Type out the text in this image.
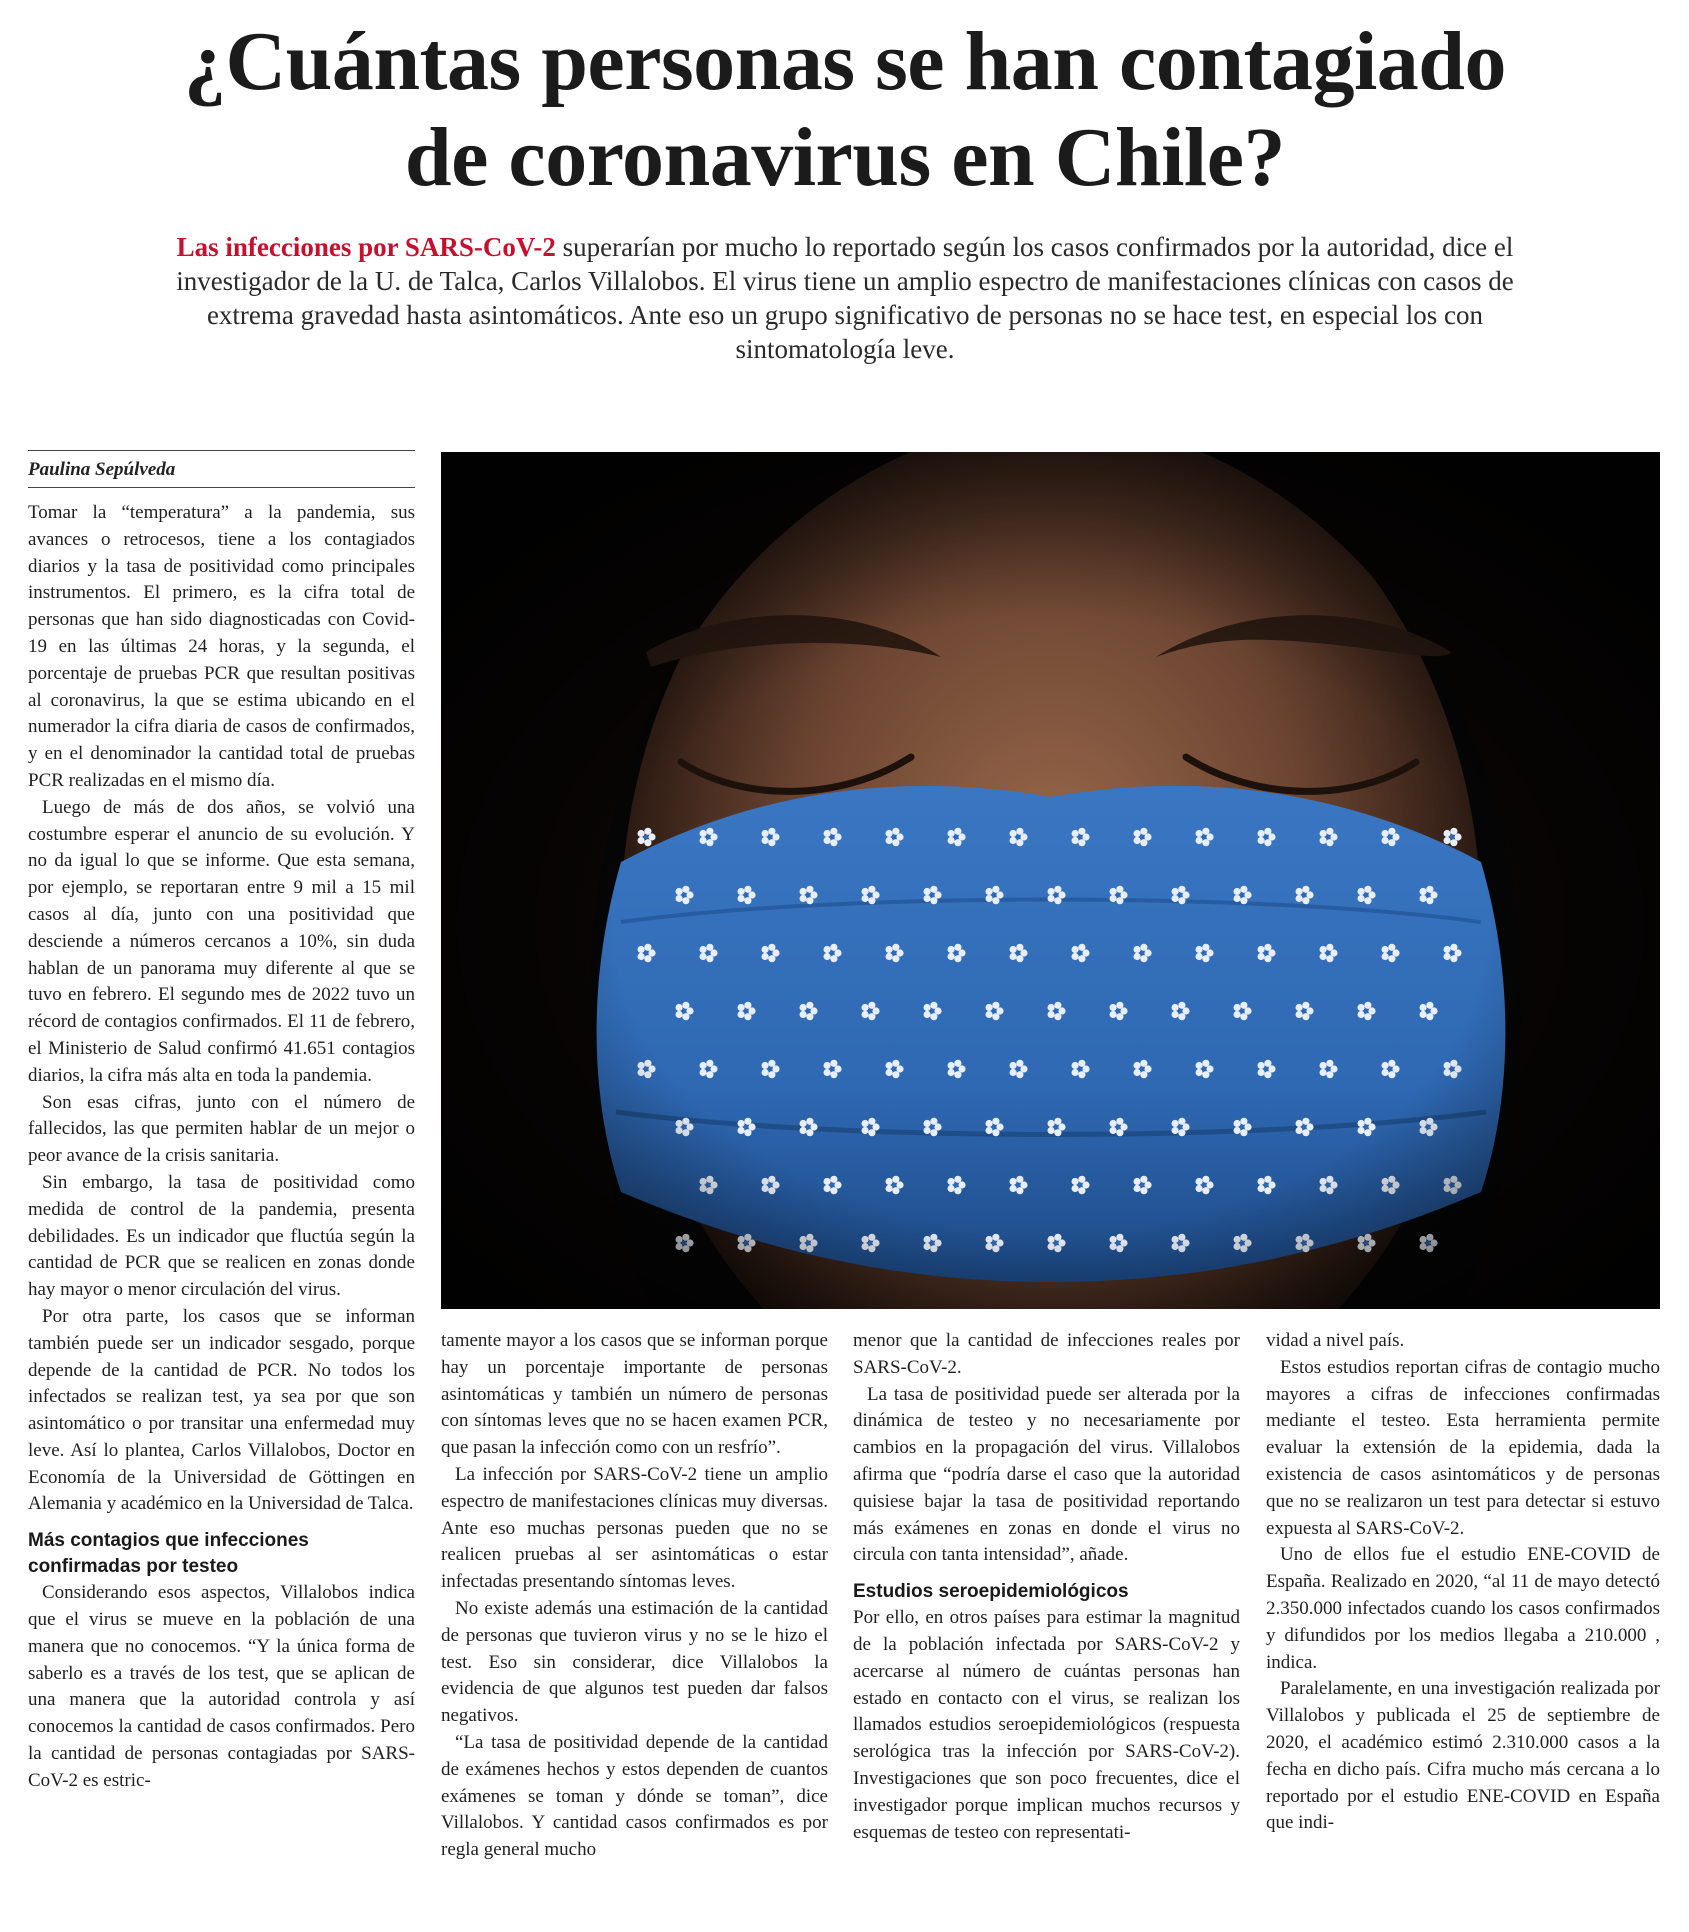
¿Cuántas personas se han contagiado
de coronavirus en Chile?

Las infecciones por SARS-CoV-2 superarían por mucho lo reportado según los casos confirmados por la autoridad, dice el investigador de la U. de Talca, Carlos Villalobos. El virus tiene un amplio espectro de manifestaciones clínicas con casos de extrema gravedad hasta asintomáticos. Ante eso un grupo significativo de personas no se hace test, en especial los con sintomatología leve.

Paulina Sepúlveda

Tomar la “temperatura” a la pandemia, sus avances o retrocesos, tiene a los contagiados diarios y la tasa de positividad como principales instrumentos. El primero, es la cifra total de personas que han sido diagnosticadas con Covid-19 en las últimas 24 horas, y la segunda, el porcentaje de pruebas PCR que resultan positivas al coronavirus, la que se estima ubicando en el numerador la cifra diaria de casos de confirmados, y en el denominador la cantidad total de pruebas PCR realizadas en el mismo día.

Luego de más de dos años, se volvió una costumbre esperar el anuncio de su evolución. Y no da igual lo que se informe. Que esta semana, por ejemplo, se reportaran entre 9 mil a 15 mil casos al día, junto con una positividad que desciende a números cercanos a 10%, sin duda hablan de un panorama muy diferente al que se tuvo en febrero. El segundo mes de 2022 tuvo un récord de contagios confirmados. El 11 de febrero, el Ministerio de Salud confirmó 41.651 contagios diarios, la cifra más alta en toda la pandemia.

Son esas cifras, junto con el número de fallecidos, las que permiten hablar de un mejor o peor avance de la crisis sanitaria.

Sin embargo, la tasa de positividad como medida de control de la pandemia, presenta debilidades. Es un indicador que fluctúa según la cantidad de PCR que se realicen en zonas donde hay mayor o menor circulación del virus.

Por otra parte, los casos que se informan también puede ser un indicador sesgado, porque depende de la cantidad de PCR. No todos los infectados se realizan test, ya sea por que son asintomático o por transitar una enfermedad muy leve. Así lo plantea, Carlos Villalobos, Doctor en Economía de la Universidad de Göttingen en Alemania y académico en la Universidad de Talca.

Más contagios que infecciones confirmadas por testeo

Considerando esos aspectos, Villalobos indica que el virus se mueve en la población de una manera que no conocemos. “Y la única forma de saberlo es a través de los test, que se aplican de una manera que la autoridad controla y así conocemos la cantidad de casos confirmados. Pero la cantidad de personas contagiadas por SARS-CoV-2 es estric-

tamente mayor a los casos que se informan porque hay un porcentaje importante de personas asintomáticas y también un número de personas con síntomas leves que no se hacen examen PCR, que pasan la infección como con un resfrío”.

La infección por SARS-CoV-2 tiene un amplio espectro de manifestaciones clínicas muy diversas. Ante eso muchas personas pueden que no se realicen pruebas al ser asintomáticas o estar infectadas presentando síntomas leves.

No existe además una estimación de la cantidad de personas que tuvieron virus y no se le hizo el test. Eso sin considerar, dice Villalobos la evidencia de que algunos test pueden dar falsos negativos.

“La tasa de positividad depende de la cantidad de exámenes hechos y estos dependen de cuantos exámenes se toman y dónde se toman”, dice Villalobos. Y cantidad casos confirmados es por regla general mucho

menor que la cantidad de infecciones reales por SARS-CoV-2.

La tasa de positividad puede ser alterada por la dinámica de testeo y no necesariamente por cambios en la propagación del virus. Villalobos afirma que “podría darse el caso que la autoridad quisiese bajar la tasa de positividad reportando más exámenes en zonas en donde el virus no circula con tanta intensidad”, añade.

Estudios seroepidemiológicos

Por ello, en otros países para estimar la magnitud de la población infectada por SARS-CoV-2 y acercarse al número de cuántas personas han estado en contacto con el virus, se realizan los llamados estudios seroepidemiológicos (respuesta serológica tras la infección por SARS-CoV-2). Investigaciones que son poco frecuentes, dice el investigador porque implican muchos recursos y esquemas de testeo con representati-

vidad a nivel país.

Estos estudios reportan cifras de contagio mucho mayores a cifras de infecciones confirmadas mediante el testeo. Esta herramienta permite evaluar la extensión de la epidemia, dada la existencia de casos asintomáticos y de personas que no se realizaron un test para detectar si estuvo expuesta al SARS-CoV-2.

Uno de ellos fue el estudio ENE-COVID de España. Realizado en 2020, “al 11 de mayo detectó 2.350.000 infectados cuando los casos confirmados y difundidos por los medios llegaba a 210.000 , indica.

Paralelamente, en una investigación realizada por Villalobos y publicada el 25 de septiembre de 2020, el académico estimó 2.310.000 casos a la fecha en dicho país. Cifra mucho más cercana a lo reportado por el estudio ENE-COVID en España que indi-
